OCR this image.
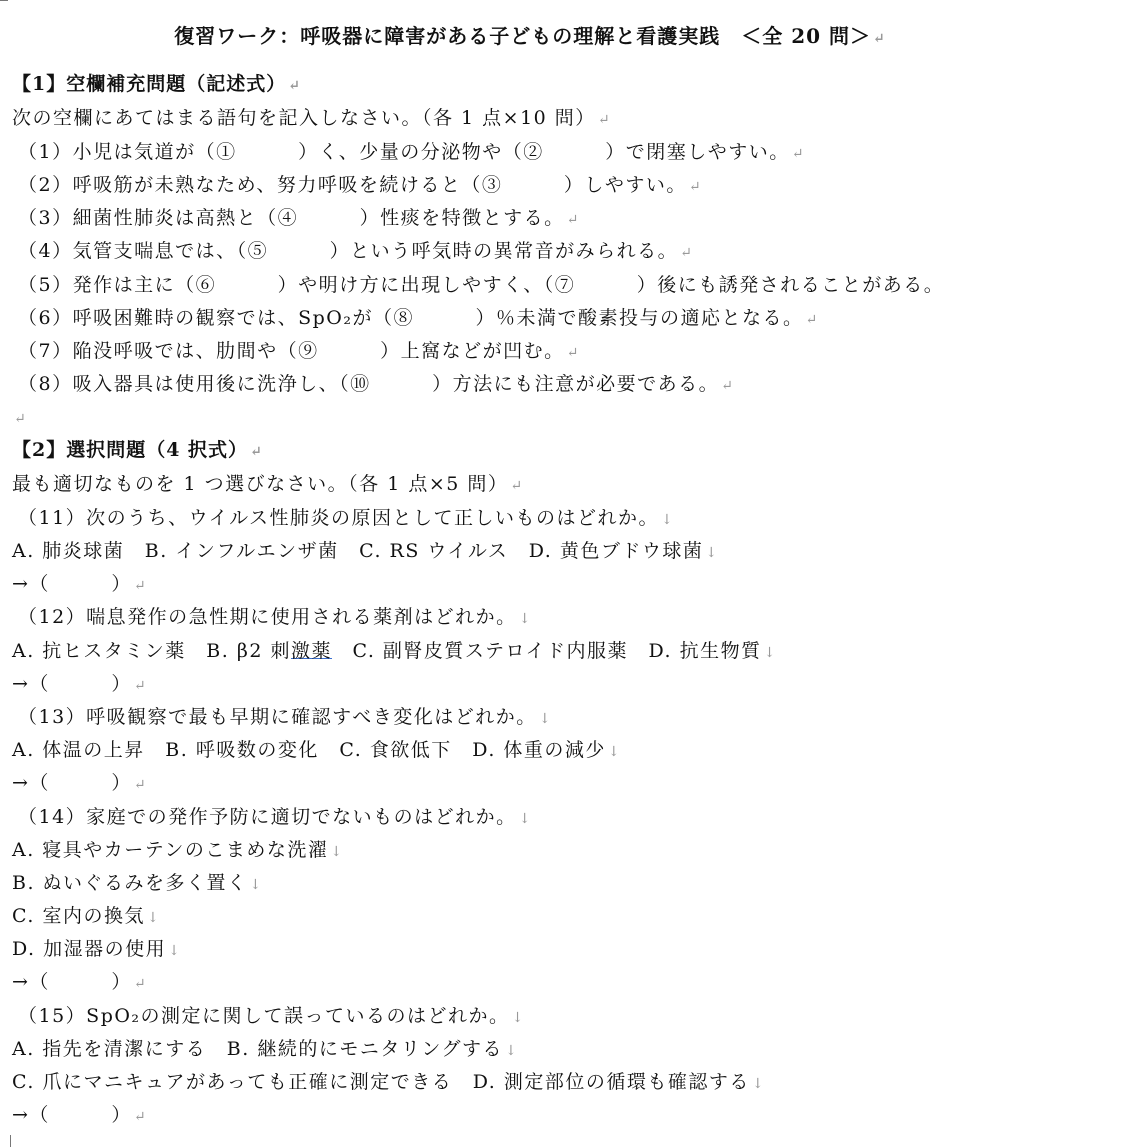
復習ワーク：呼吸器に障害がある子どもの理解と看護実践　＜全 20 問＞ ↵
【1】空欄補充問題（記述式） ↵
次の空欄にあてはまる語句を記入しなさい。（各 1 点×10 問） ↵
（1）小児は気道が（①　　　）く、少量の分泌物や（②　　　）で閉塞しやすい。 ↵
（2）呼吸筋が未熟なため、努力呼吸を続けると（③　　　）しやすい。 ↵
（3）細菌性肺炎は高熱と（④　　　）性痰を特徴とする。 ↵
（4）気管支喘息では、（⑤　　　）という呼気時の異常音がみられる。 ↵
（5）発作は主に（⑥　　　）や明け方に出現しやすく、（⑦　　　）後にも誘発されることがある。
（6）呼吸困難時の観察では、SpO₂が（⑧　　　）％未満で酸素投与の適応となる。 ↵
（7）陥没呼吸では、肋間や（⑨　　　）上窩などが凹む。 ↵
（8）吸入器具は使用後に洗浄し、（⑩　　　）方法にも注意が必要である。 ↵
↵
【2】選択問題（4 択式） ↵
最も適切なものを 1 つ選びなさい。（各 1 点×5 問） ↵
（11）次のうち、ウイルス性肺炎の原因として正しいものはどれか。 ↓
A. 肺炎球菌　B. インフルエンザ菌　C. RS ウイルス　D. 黄色ブドウ球菌 ↓
→（　　　） ↵
（12）喘息発作の急性期に使用される薬剤はどれか。 ↓
A. 抗ヒスタミン薬　B. β2 刺激薬　C. 副腎皮質ステロイド内服薬　D. 抗生物質 ↓
→（　　　） ↵
（13）呼吸観察で最も早期に確認すべき変化はどれか。 ↓
A. 体温の上昇　B. 呼吸数の変化　C. 食欲低下　D. 体重の減少 ↓
→（　　　） ↵
（14）家庭での発作予防に適切でないものはどれか。 ↓
A. 寝具やカーテンのこまめな洗濯 ↓
B. ぬいぐるみを多く置く ↓
C. 室内の換気 ↓
D. 加湿器の使用 ↓
→（　　　） ↵
（15）SpO₂の測定に関して誤っているのはどれか。 ↓
A. 指先を清潔にする　B. 継続的にモニタリングする ↓
C. 爪にマニキュアがあっても正確に測定できる　D. 測定部位の循環も確認する ↓
→（　　　） ↵
